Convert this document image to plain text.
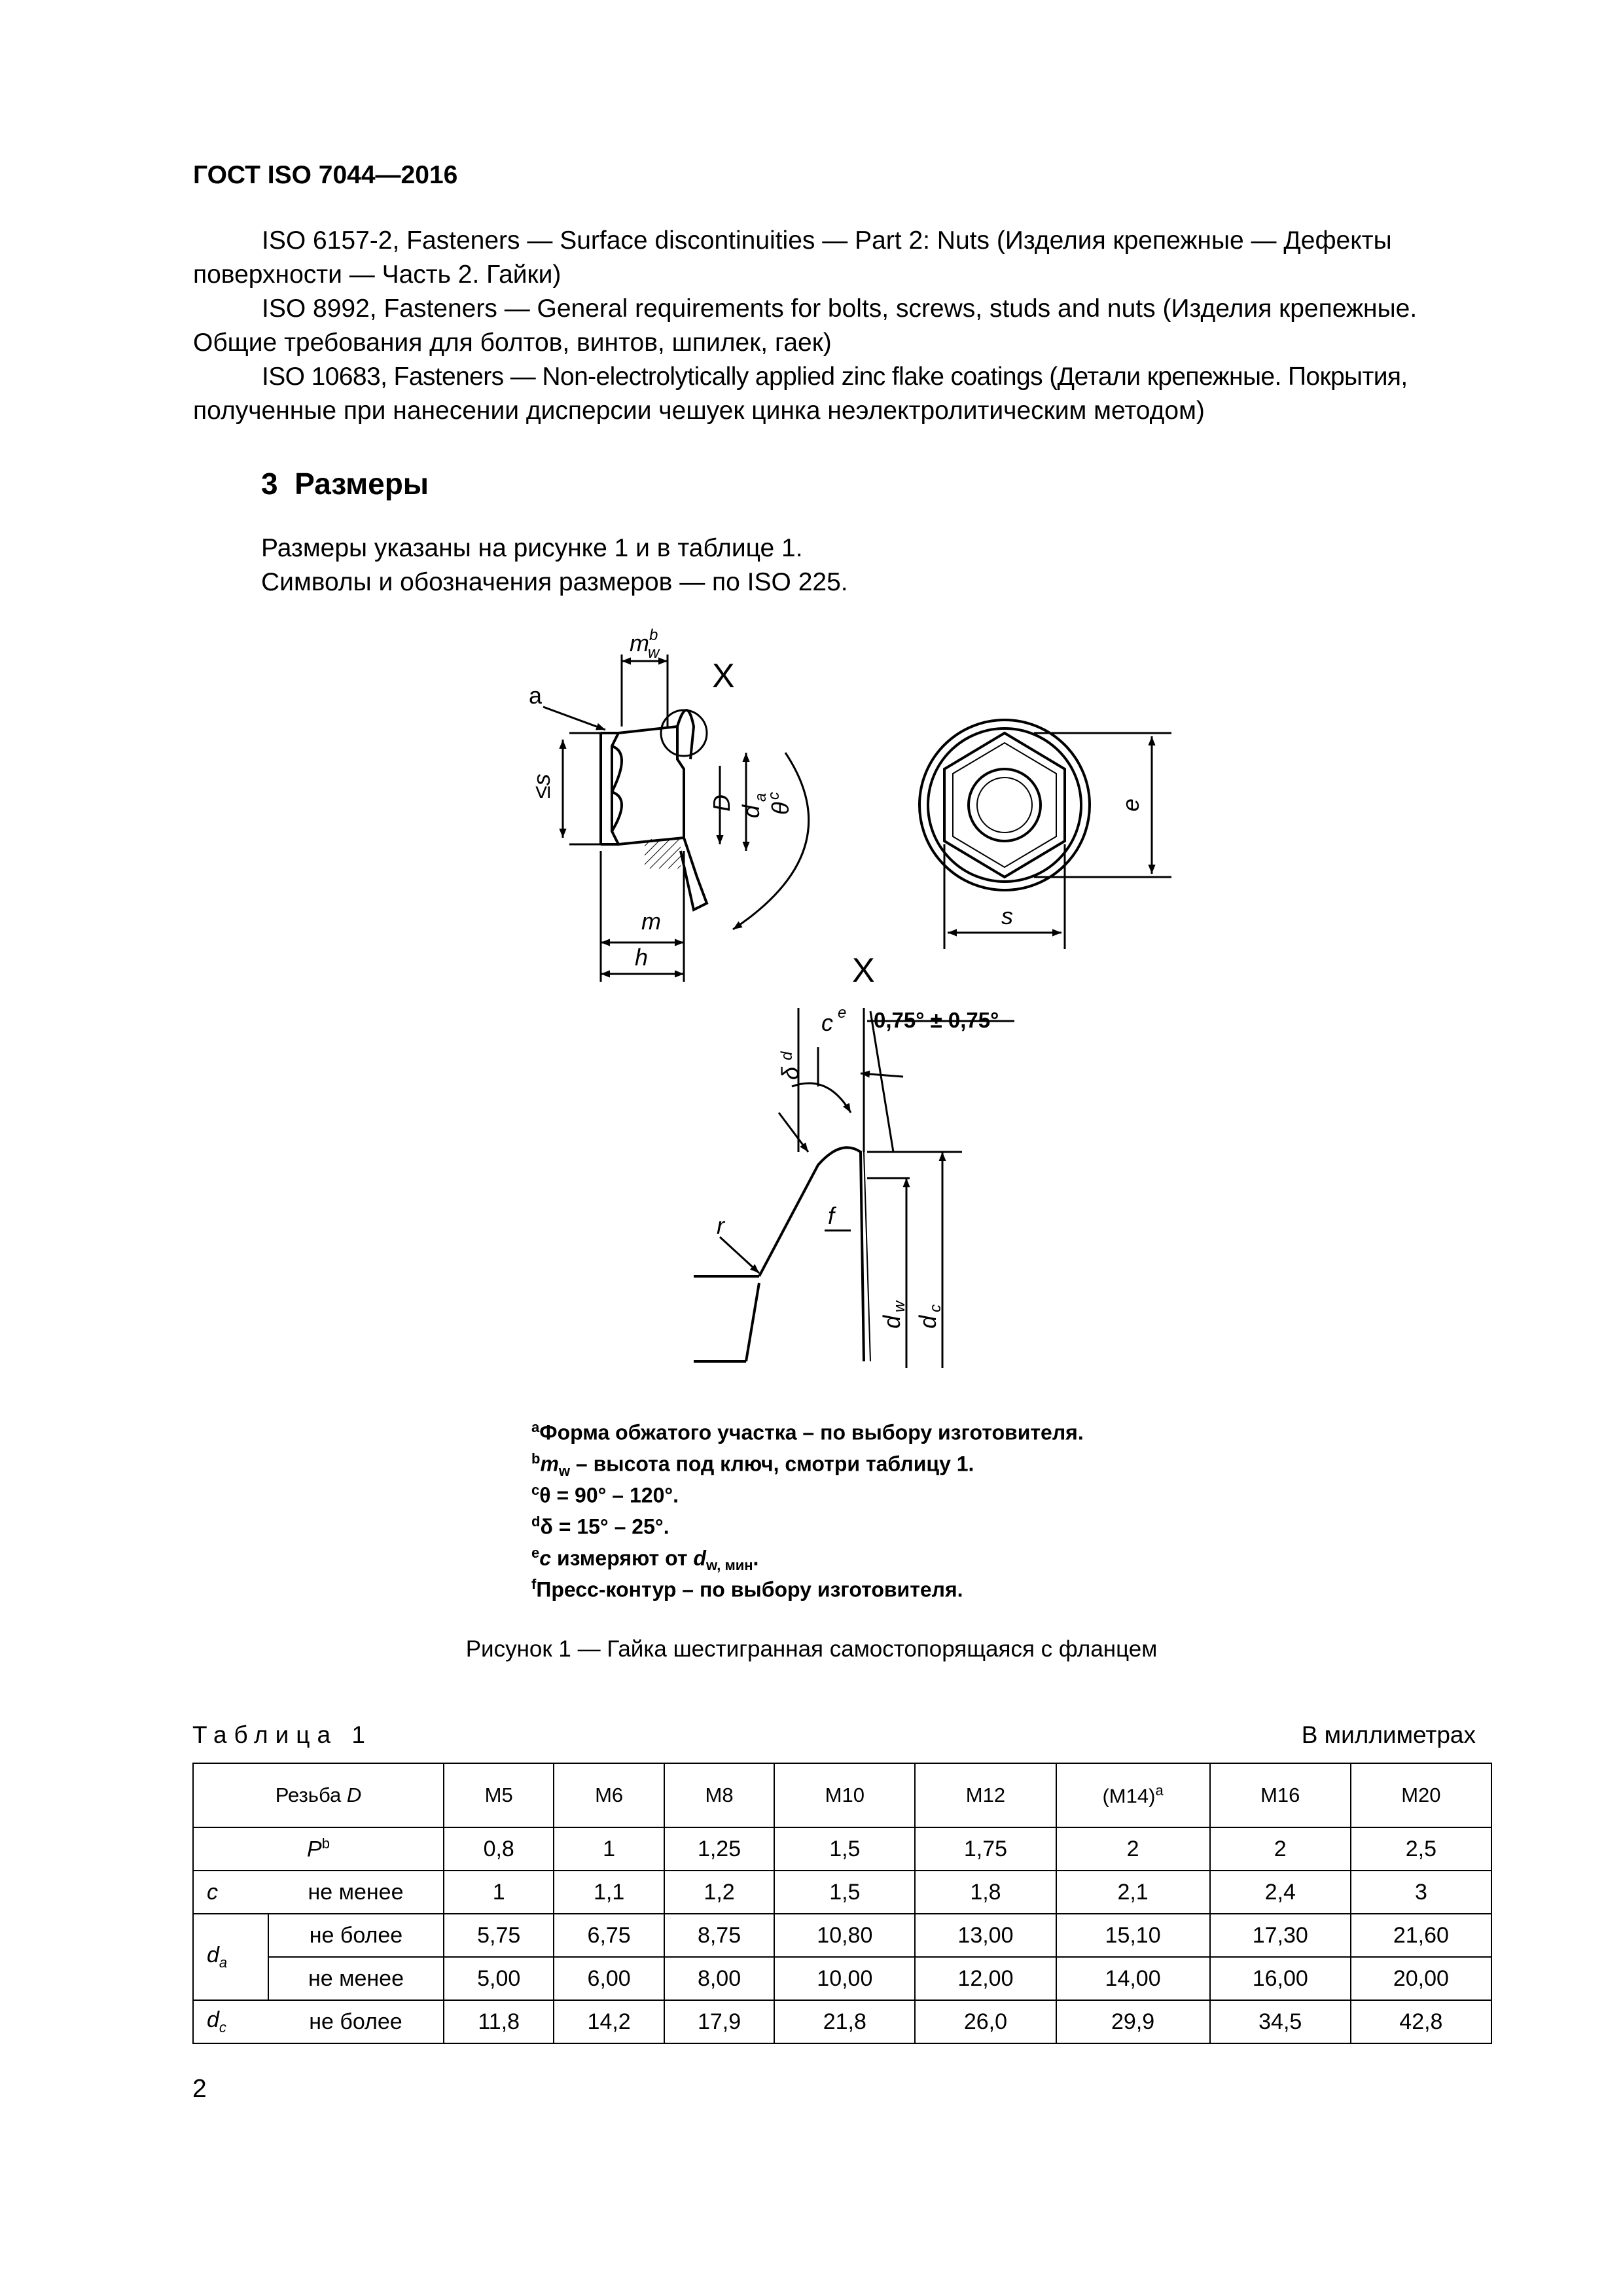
ГОСТ ISO 7044—2016

ISO 6157-2, Fasteners — Surface discontinuities — Part 2: Nuts (Изделия крепежные — Дефекты

поверхности — Часть 2. Гайки)

ISO 8992, Fasteners — General requirements for bolts, screws, studs and nuts (Изделия крепежные.

Общие требования для болтов, винтов, шпилек, гаек)

ISO 10683, Fasteners — Non-electrolytically applied zinc flake coatings (Детали крепежные. Покрытия,

полученные при нанесении дисперсии чешуек цинка неэлектролитическим методом)
3 Размеры
Размеры указаны на рисунке 1 и в таблице 1.
Символы и обозначения размеров — по ISO 225.
m
w
b
a
≤s
D d
a
θ
c
m
h
X
e
s
X
c e 0,75° ± 0,75°
δ
d
r	f
d
w
d
c
$^a$Форма обжатого участка – по выбору изготовителя.
$^bm_w$ – высота под ключ, смотри таблицу 1.
$^c$θ = 90° – 120°.
$^d$δ = 15° – 25°.
$^e$c измеряют от $d_{w, мин}$.
$^f$Пресс-контур – по выбору изготовителя.
Рисунок 1 — Гайка шестигранная самостопорящаяся с фланцем
Таблица 1	В миллиметрах
Резьба D		M5	M6	M8	M10	M12	$(M14)^a$	M16	M20
$P^b$		0,8	1	1,25	1,5	1,75	2	2	2,5
c	не менее	1	1,1	1,2	1,5	1,8	2,1	2,4	3
$d_a$	не более	5,75	6,75	8,75	10,80	13,00	15,10	17,30	21,60
	не менее	5,00	6,00	8,00	10,00	12,00	14,00	16,00	20,00
$d_c$	не более	11,8	14,2	17,9	21,8	26,0	29,9	34,5	42,8
2
